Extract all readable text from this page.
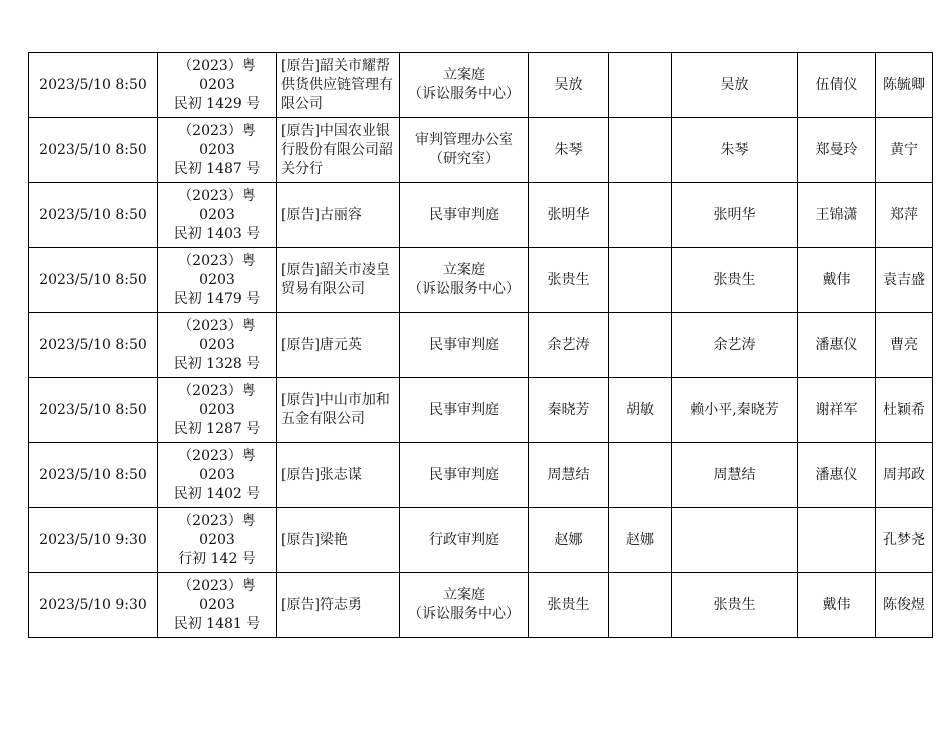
2023/5/10 8:50	（2023）粤 0203
民初 1429 号	[原告]韶关市耀帮供货供应链管理有限公司	立案庭
（诉讼服务中心）	吴放		吴放	伍倩仪	陈毓卿
2023/5/10 8:50	（2023）粤 0203
民初 1487 号	[原告]中国农业银行股份有限公司韶关分行	审判管理办公室
（研究室）	朱琴		朱琴	郑曼玲	黄宁
2023/5/10 8:50	（2023）粤 0203
民初 1403 号	[原告]古丽容	民事审判庭	张明华		张明华	王锦潇	郑萍
2023/5/10 8:50	（2023）粤 0203
民初 1479 号	[原告]韶关市凌皇贸易有限公司	立案庭
（诉讼服务中心）	张贵生		张贵生	戴伟	袁吉盛
2023/5/10 8:50	（2023）粤 0203
民初 1328 号	[原告]唐元英	民事审判庭	余艺涛		余艺涛	潘惠仪	曹亮
2023/5/10 8:50	（2023）粤 0203
民初 1287 号	[原告]中山市加和五金有限公司	民事审判庭	秦晓芳	胡敏	赖小平,秦晓芳	谢祥军	杜颖希
2023/5/10 8:50	（2023）粤 0203
民初 1402 号	[原告]张志谋	民事审判庭	周慧结		周慧结	潘惠仪	周邦政
2023/5/10 9:30	（2023）粤 0203
行初 142 号	[原告]梁艳	行政审判庭	赵娜	赵娜			孔梦尧
2023/5/10 9:30	（2023）粤 0203
民初 1481 号	[原告]符志勇	立案庭
（诉讼服务中心）	张贵生		张贵生	戴伟	陈俊煜
